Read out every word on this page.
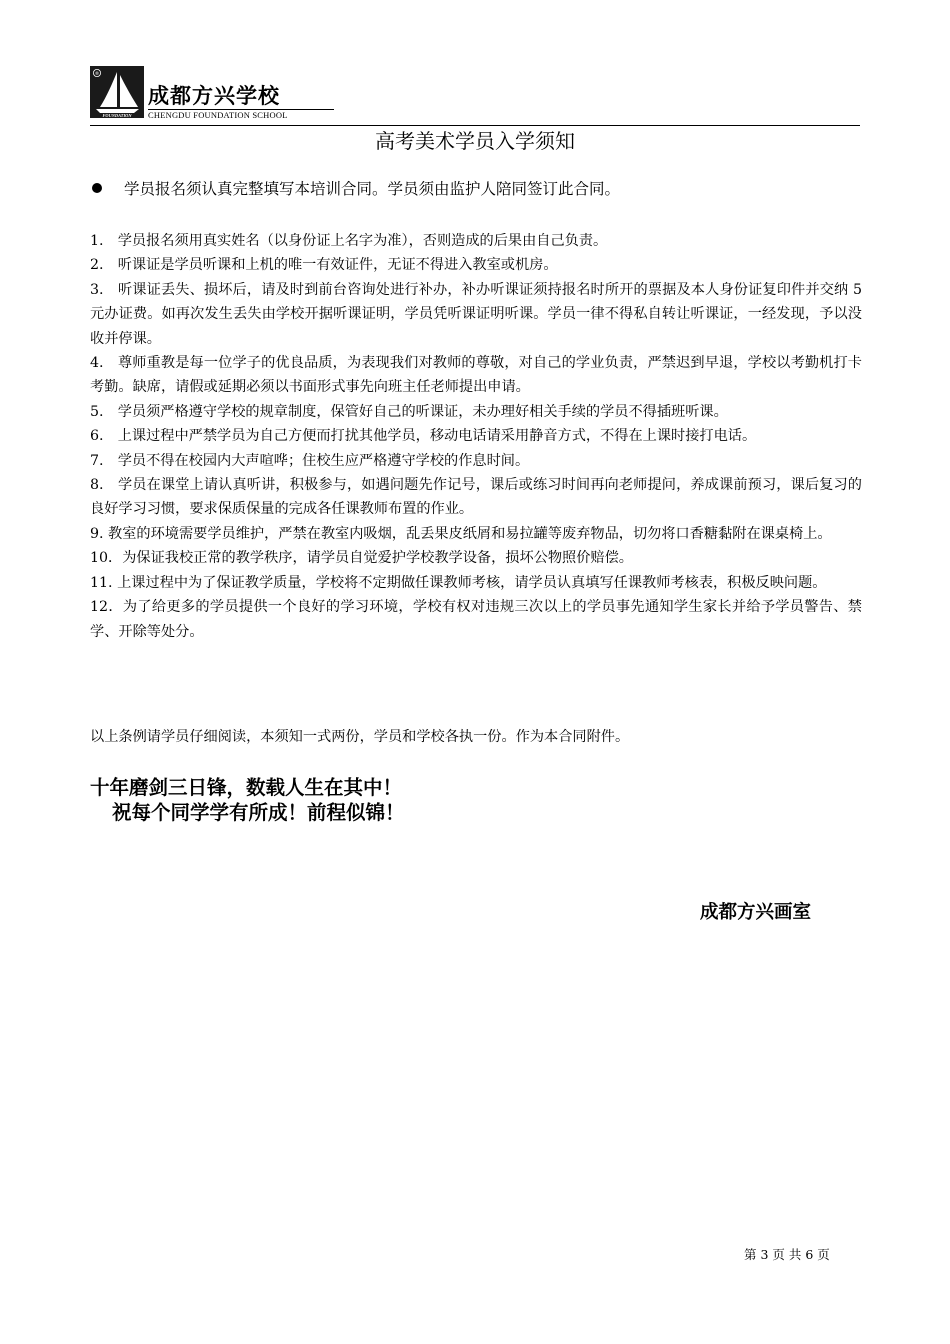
®
FOUNDATION
成都方兴学校
CHENGDU FOUNDATION SCHOOL
高考美术学员入学须知
学员报名须认真完整填写本培训合同。学员须由监护人陪同签订此合同。
1.　学员报名须用真实姓名（以身份证上名字为准），否则造成的后果由自己负责。
2.　听课证是学员听课和上机的唯一有效证件，无证不得进入教室或机房。
3.　听课证丢失、损坏后，请及时到前台咨询处进行补办，补办听课证须持报名时所开的票据及本人身份证复印件并交纳 5 元办证费。如再次发生丢失由学校开据听课证明，学员凭听课证明听课。学员一律不得私自转让听课证，一经发现，予以没收并停课。
4.　尊师重教是每一位学子的优良品质，为表现我们对教师的尊敬，对自己的学业负责，严禁迟到早退，学校以考勤机打卡考勤。缺席，请假或延期必须以书面形式事先向班主任老师提出申请。
5.　学员须严格遵守学校的规章制度，保管好自己的听课证，未办理好相关手续的学员不得插班听课。
6.　上课过程中严禁学员为自己方便而打扰其他学员，移动电话请采用静音方式，不得在上课时接打电话。
7.　学员不得在校园内大声喧哗；住校生应严格遵守学校的作息时间。
8.　学员在课堂上请认真听讲，积极参与，如遇问题先作记号，课后或练习时间再向老师提问，养成课前预习，课后复习的良好学习习惯，要求保质保量的完成各任课教师布置的作业。
9. 教室的环境需要学员维护，严禁在教室内吸烟，乱丢果皮纸屑和易拉罐等废弃物品，切勿将口香糖黏附在课桌椅上。
10．为保证我校正常的教学秩序，请学员自觉爱护学校教学设备，损坏公物照价赔偿。
11. 上课过程中为了保证教学质量，学校将不定期做任课教师考核，请学员认真填写任课教师考核表，积极反映问题。
12．为了给更多的学员提供一个良好的学习环境，学校有权对违规三次以上的学员事先通知学生家长并给予学员警告、禁学、开除等处分。
以上条例请学员仔细阅读，本须知一式两份，学员和学校各执一份。作为本合同附件。
十年磨剑三日锋，数载人生在其中！
祝每个同学学有所成！前程似锦！
成都方兴画室
第 3 页 共 6 页
